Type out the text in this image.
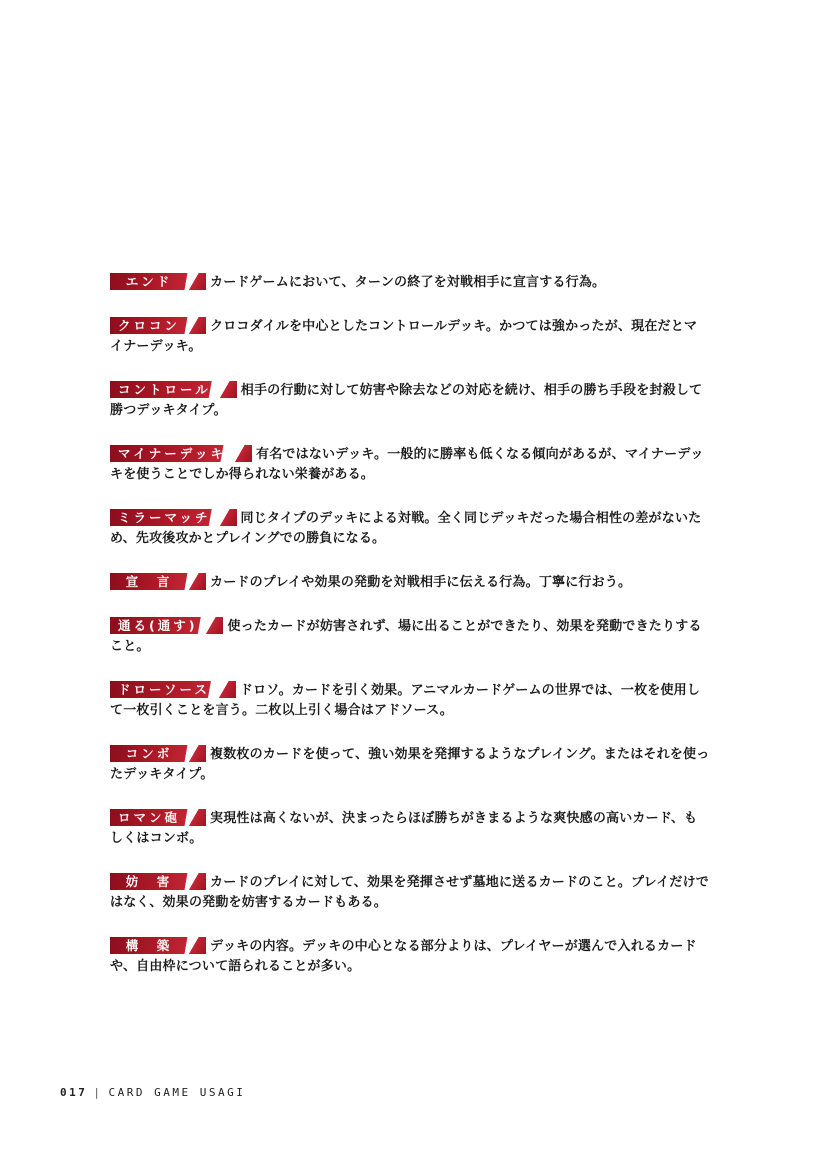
エンド	カードゲームにおいて、ターンの終了を対戦相手に宣言する行為。
クロコン クロコダイルを中心としたコントロールデッキ。かつては強かったが、現在だとマイナーデッキ。
コントロール 相手の行動に対して妨害や除去などの対応を続け、相手の勝ち手段を封殺して勝つデッキタイプ。
マイナーデッキ 有名ではないデッキ。一般的に勝率も低くなる傾向があるが、マイナーデッキを使うことでしか得られない栄養がある。
ミラーマッチ 同じタイプのデッキによる対戦。全く同じデッキだった場合相性の差がないため、先攻後攻かとプレイングでの勝負になる。
宣　言	カードのプレイや効果の発動を対戦相手に伝える行為。丁寧に行おう。
通る(通す) 使ったカードが妨害されず、場に出ることができたり、効果を発動できたりすること。
ドローソース ドロソ。カードを引く効果。アニマルカードゲームの世界では、一枚を使用して一枚引くことを言う。二枚以上引く場合はアドソース。
コンボ	複数枚のカードを使って、強い効果を発揮するようなプレイング。またはそれを使ったデッキタイプ。
ロマン砲 実現性は高くないが、決まったらほぼ勝ちがきまるような爽快感の高いカード、もしくはコンボ。
妨　害	カードのプレイに対して、効果を発揮させず墓地に送るカードのこと。プレイだけではなく、効果の発動を妨害するカードもある。
構　築	デッキの内容。デッキの中心となる部分よりは、プレイヤーが選んで入れるカードや、自由枠について語られることが多い。
017 | CARD GAME USAGI
